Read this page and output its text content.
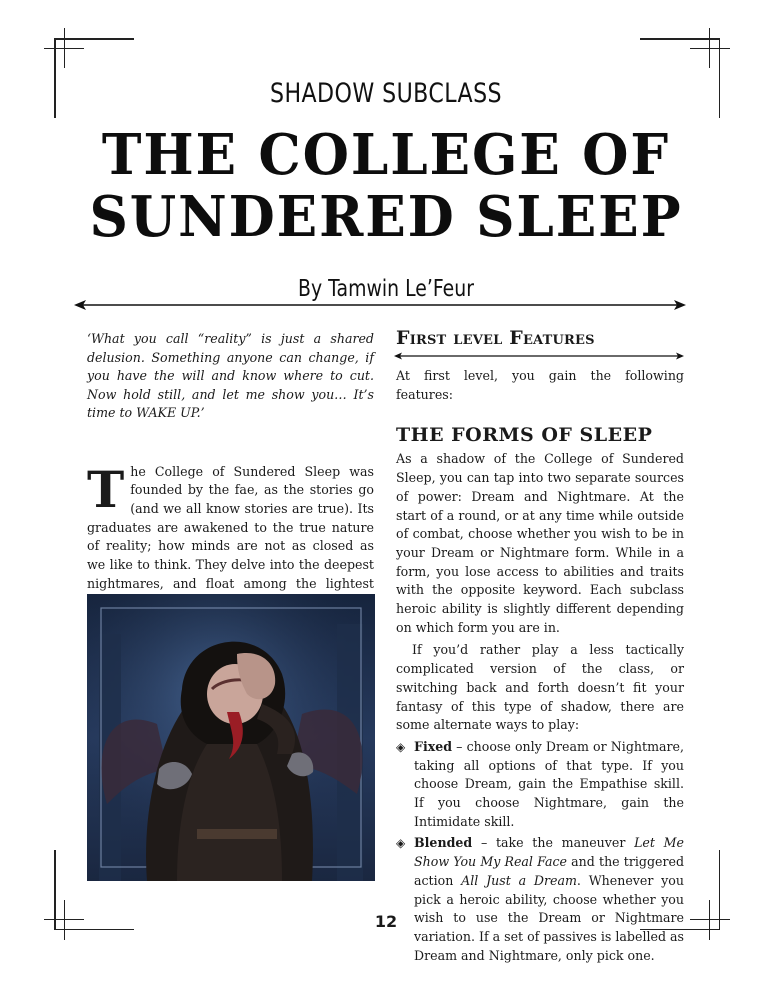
SHADOW SUBCLASS
THE COLLEGE OF
SUNDERED SLEEP
By Tamwin Le’Feur

‘What you call “reality” is just a shared delusion. Something anyone can change, if you have the will and know where to cut. Now hold still, and let me show you… It’s time to WAKE UP.’

T he College of Sundered Sleep was founded by the fae, as the stories go (and we all know stories are true). Its graduates are awakened to the true nature of reality; how minds are not as closed as we like to think. They delve into the deepest nightmares, and float among the lightest

First level Features

At first level, you gain the following features:

THE FORMS OF SLEEP

As a shadow of the College of Sundered Sleep, you can tap into two separate sources of power: Dream and Nightmare. At the start of a round, or at any time while outside of combat, choose whether you wish to be in your Dream or Nightmare form. While in a form, you lose access to abilities and traits with the opposite keyword. Each subclass heroic ability is slightly different depending on which form you are in.

If you’d rather play a less tactically complicated version of the class, or switching back and forth doesn’t fit your fantasy of this type of shadow, there are some alternate ways to play:

◈ Fixed – choose only Dream or Nightmare, taking all options of that type. If you choose Dream, gain the Empathise skill. If you choose Nightmare, gain the Intimidate skill.
◈ Blended – take the maneuver Let Me Show You My Real Face and the triggered action All Just a Dream. Whenever you pick a heroic ability, choose whether you wish to use the Dream or Nightmare variation. If a set of passives is labelled as Dream and Nightmare, only pick one.
12
